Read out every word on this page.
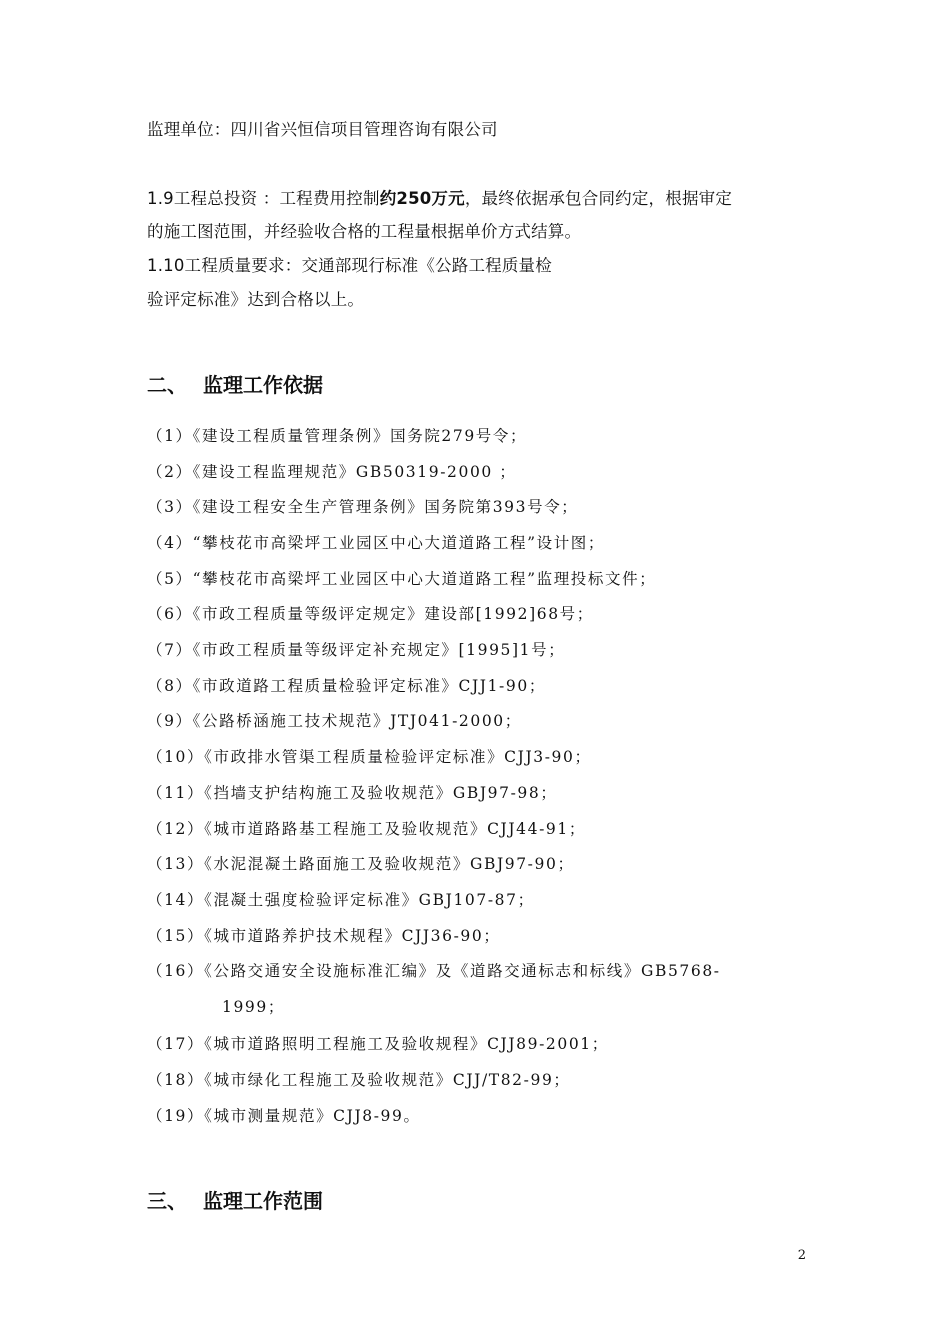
监理单位：四川省兴恒信项目管理咨询有限公司
1.9工程总投资 ：工程费用控制约250万元，最终依据承包合同约定，根据审定
的施工图范围，并经验收合格的工程量根据单价方式结算。
1.10工程质量要求：交通部现行标准《公路工程质量检
验评定标准》达到合格以上。
二、 监理工作依据
（1）《建设工程质量管理条例》国务院279号令；
（2）《建设工程监理规范》GB50319-2000 ；
（3）《建设工程安全生产管理条例》国务院第393号令；
（4）“攀枝花市高梁坪工业园区中心大道道路工程”设计图；
（5）“攀枝花市高梁坪工业园区中心大道道路工程”监理投标文件；
（6）《市政工程质量等级评定规定》建设部[1992]68号；
（7）《市政工程质量等级评定补充规定》[1995]1号；
（8）《市政道路工程质量检验评定标准》CJJ1-90；
（9）《公路桥涵施工技术规范》JTJ041-2000；
（10）《市政排水管渠工程质量检验评定标准》CJJ3-90；
（11）《挡墙支护结构施工及验收规范》GBJ97-98；
（12）《城市道路路基工程施工及验收规范》CJJ44-91；
（13）《水泥混凝土路面施工及验收规范》GBJ97-90；
（14）《混凝土强度检验评定标准》GBJ107-87；
（15）《城市道路养护技术规程》CJJ36-90；
（16）《公路交通安全设施标准汇编》及《道路交通标志和标线》GB5768-
1999；
（17）《城市道路照明工程施工及验收规程》CJJ89-2001；
（18）《城市绿化工程施工及验收规范》CJJ/T82-99；
（19）《城市测量规范》CJJ8-99。
三、 监理工作范围
2
